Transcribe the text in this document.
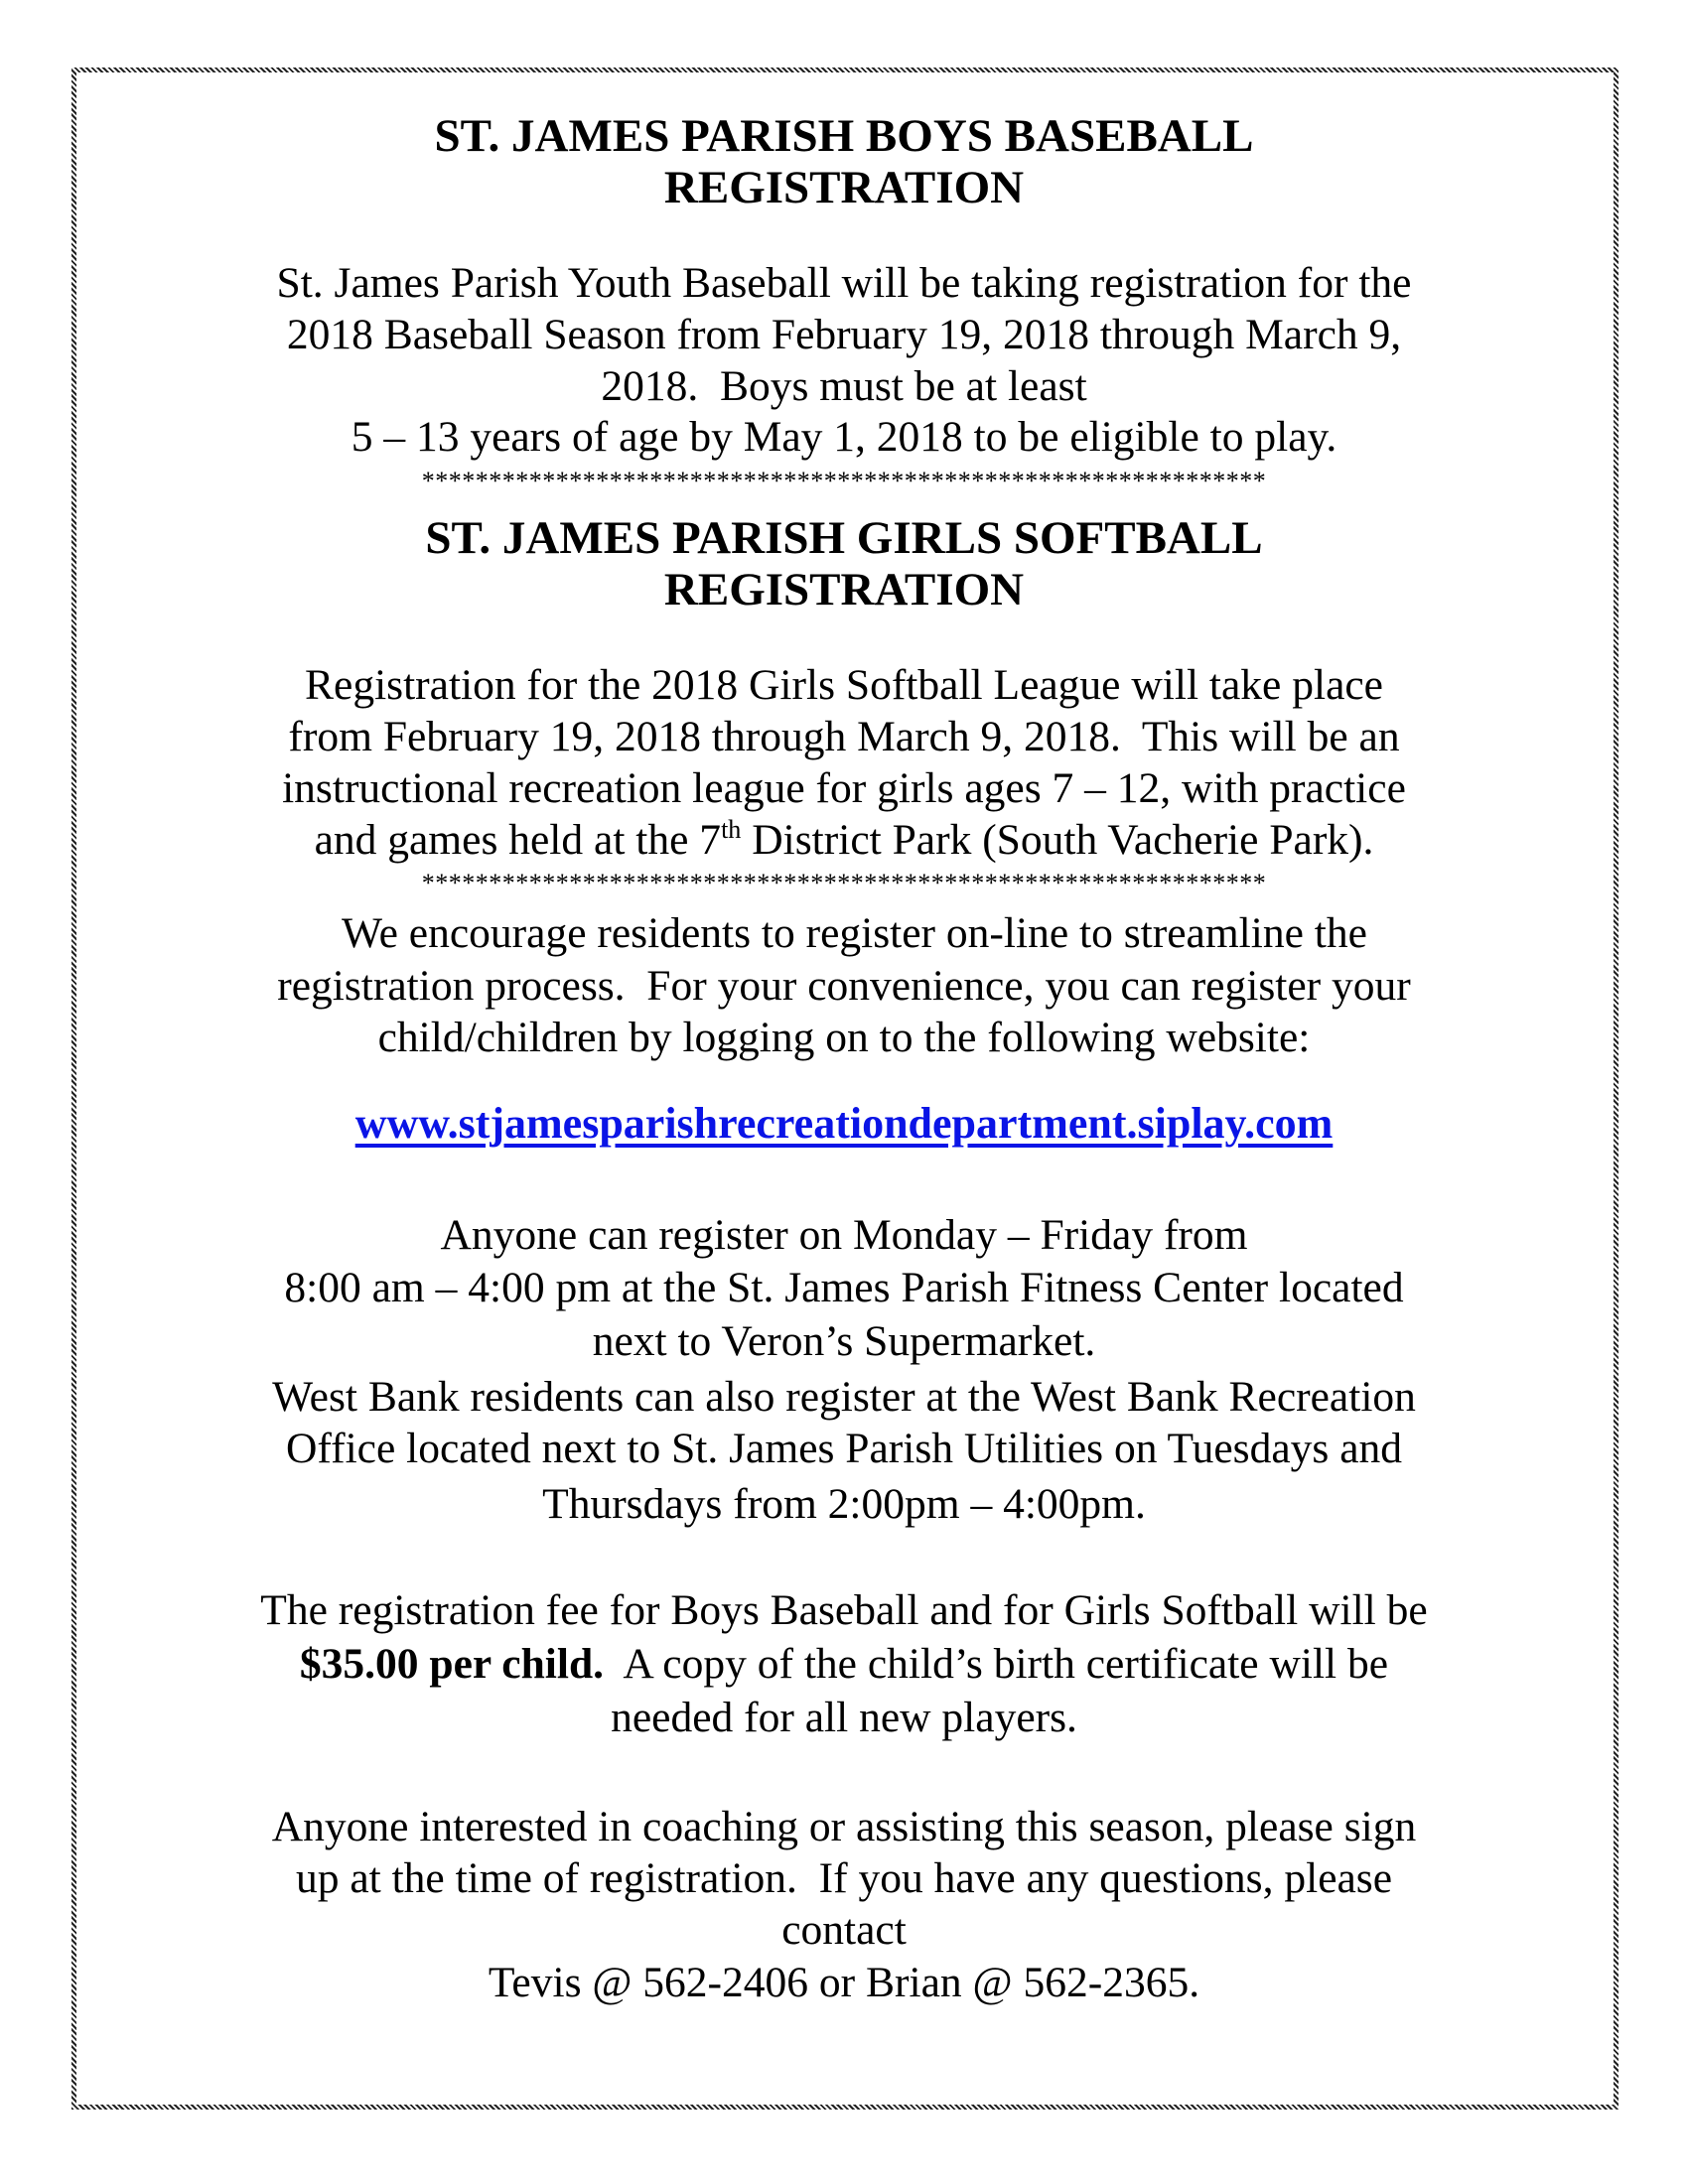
ST. JAMES PARISH BOYS BASEBALL
REGISTRATION
St. James Parish Youth Baseball will be taking registration for the
2018 Baseball Season from February 19, 2018 through March 9,
2018.  Boys must be at least
5 – 13 years of age by May 1, 2018 to be eligible to play.
***************************************************************
ST. JAMES PARISH GIRLS SOFTBALL
REGISTRATION
Registration for the 2018 Girls Softball League will take place
from February 19, 2018 through March 9, 2018.  This will be an
instructional recreation league for girls ages 7 – 12, with practice
and games held at the 7th District Park (South Vacherie Park).
***************************************************************
We encourage residents to register on-line to streamline the
registration process.  For your convenience, you can register your
child/children by logging on to the following website:
www.stjamesparishrecreationdepartment.siplay.com
Anyone can register on Monday – Friday from
8:00 am – 4:00 pm at the St. James Parish Fitness Center located
next to Veron’s Supermarket.
West Bank residents can also register at the West Bank Recreation
Office located next to St. James Parish Utilities on Tuesdays and
Thursdays from 2:00pm – 4:00pm.
The registration fee for Boys Baseball and for Girls Softball will be
$35.00 per child.  A copy of the child’s birth certificate will be
needed for all new players.
Anyone interested in coaching or assisting this season, please sign
up at the time of registration.  If you have any questions, please
contact
Tevis @ 562-2406 or Brian @ 562-2365.
